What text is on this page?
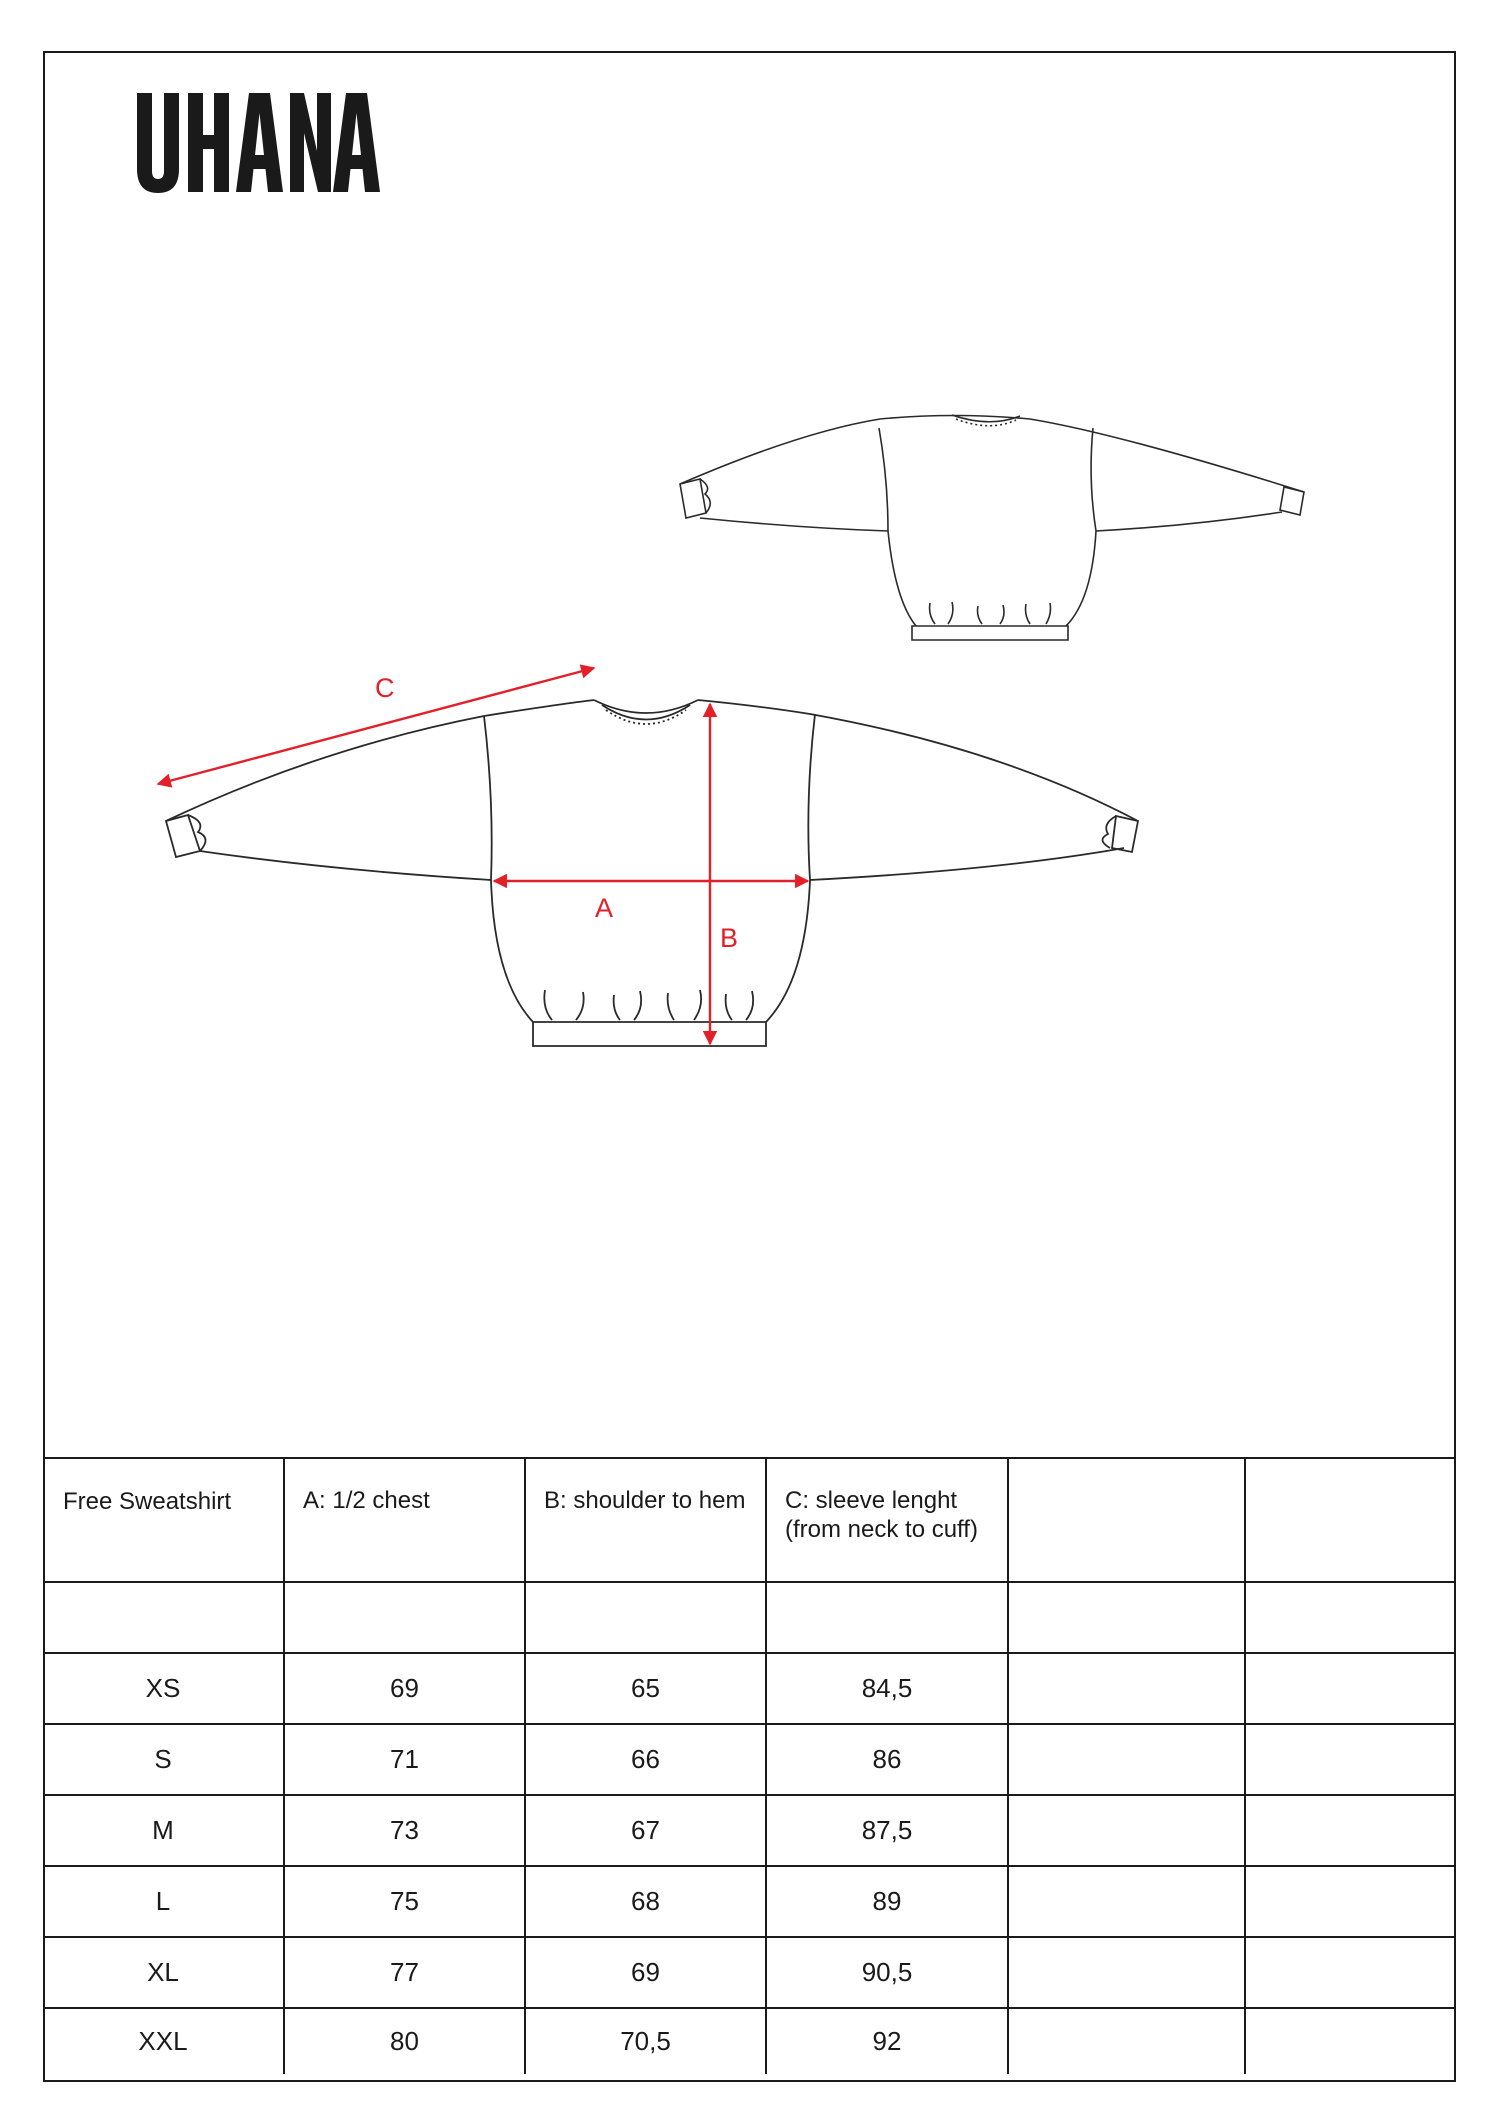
C
A
B
Free Sweatshirt	A: 1/2 chest	B: shoulder to hem	C: sleeve lenght (from neck to cuff)		

XS	69	65	84,5		
S	71	66	86		
M	73	67	87,5		
L	75	68	89		
XL	77	69	90,5		
XXL	80	70,5	92		
